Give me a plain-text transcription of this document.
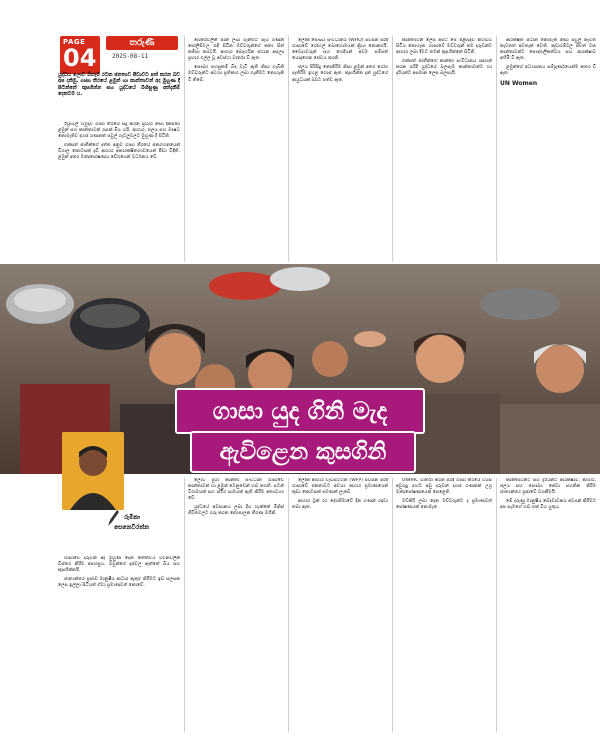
PAGE
04
තරුණි
2025-08-11
යුද්ධය ලොව ඕනෑම රටක ජනතාව පීඩාවට පත් කරන බව අප දනිමු. ගාසා තීරයේ ළමුන් හා කාන්තාවන් අද මුහුණ දී සිටින්නේ කුසගින්න සහ යුද්ධයේ බිහිසුණු අත්දැකීම් දෙකටම ය.

ඊශ්‍රායල් හමුදාව ගාසා තීරයේ සිදු කරන ප්‍රහාර නිසා දිනපතා ළමුන් සහ කාන්තාවන් රැසක් මිය යයි. ආහාර, ජලය සහ ඖෂධ නොමැතිව දහස් ගණනක් පවුල් ගැටලුවලට මුහුණ දී සිටිති.

එක්සත් ජාතීන්ගේ දත්ත අනුව ගාසා තීරයේ ජනගහනයෙන් විශාල කොටසක් දැඩි ආහාර අනාරක්ෂිතභාවයෙන් පීඩා විඳිති. ළමුන් අතර මන්දපෝෂණය වේගයෙන් වර්ධනය වේ.

බේකරිවලින් පාන් ලබා ගැනීමට පැය ගණන් පෝලිම්වල රැඳී සිටින මව්වරුන්ගේ කතා සිත් කම්පා කරවයි. ආහාර බෙදාහරින ස්ථාන අසලද ප්‍රහාර එල්ල වූ අවස්ථා වාර්තා වී ඇත.

සෞඛ්‍ය පහසුකම් බිඳ වැටී ඇති නිසා ගැබිනි මව්වරුන්ට අවශ්‍ය ප්‍රතිකාර ලබා ගැනීමට නොහැකි වී තිබේ.

ලෝක සෞඛ්‍ය සංවිධානය (WHO) පවසන පරිදි ගාසාවේ රෝහල් බොහොමයක් ක්‍රියා නොකරයි. වෛද්‍යවරුන් සහ හෙදියන් අවම සම්පත් යොදාගෙන සේවය කරති.

ජලය පිරිසිදු නොකිරීම නිසා ළමුන් අතර රෝග පැතිරීම ඉහළ ගොස් ඇත. කුසගින්න දැන් යුද්ධයේ ආයුධයක් බවට පත්ව ඇත.

කාන්තාවන් ලෙස අපට මේ පිළිබඳව නිහඬව සිටිය නොහැක. ගාසාවේ මව්වරුන් තම දරුවන්ට ආහාර ලබා දීමට තමන් කුසගින්නේ සිටිති.

එක්සත් ජාතීන්ගේ කාන්තා සංවිධානය සඳහන් කරන පරිදි යුද්ධයේ බලපෑම කාන්තාවන්ට හා දැරියන්ට අසමාන ලෙස බලපායි.

ආරක්ෂිත ස්ථාන නොමැති නිසා පවුල් නැවත නැවතත් අවතැන් වෙති. කූඩාරම්වල ජීවත් වන කාන්තාවන්ට පෞද්ගලිකත්වය සහ ආරක්ෂාව අහිමි වී ඇත.

ළමුන්ගේ අධ්‍යාපනය සම්පූර්ණයෙන්ම නතර වී ඇත.

UN Women

ගාසා යුද ගිනි මැද
ඇවිළෙන කුසගිනි
රුමිකා
සෙනෙවිරත්න

ගාසාවේ දරුවන් අද මුහුණ දෙන තත්ත්වය වචනවලින් විස්තර කිරීම අපහසුය. ඔවුන්ගේ දෑස්වල ඇත්තේ බිය සහ කුසගින්නයි.

ජාත්‍යන්තර ප්‍රජාව මානුෂීය ආධාර ඇතුළු කිරීමට ඉඩ සලසන ලෙස ඉල්ලා සිටියත් ඒවා ප්‍රමාණවත් නොවේ.

ලොව පුරා කාන්තා සංවිධාන ගාසාවේ කාන්තාවන් හා ළමුන් වෙනුවෙන් හඬ නගති. සටන් විරාමයක් සහ ස්ථිර සාමයක් ඇති කිරීම අත්‍යවශ්‍ය වේ.

යුද්ධයේ අවසානය ලබා දිය හැක්කේ මිනිස් ජීවිතවලට ගරු කරන දේශපාලන තීරණ මගිනි.

ලෝක ආහාර වැඩසටහන (WFP) පවසන පරිදි ගාසාවේ ජනතාවට අවශ්‍ය ආහාර ප්‍රමාණයෙන් කුඩා කොටසක් පමණක් ලැබේ.

ආහාර ට්‍රක් රථ දේශසීමාවේ දින ගණන් රඳවා තබා ඇත.

UNHRC වාර්තා කරන පරිදි ගාසා තීරයේ වයස අවුරුදු පහට අඩු දරුවන් දහස් ගණනක් උග්‍ර මන්දපෝෂණයෙන් පෙළෙති.

මව්කිරි ලබා දෙන මව්වරුන්ට ද ප්‍රමාණවත් පෝෂණයක් නොමැත.

කාන්තාවන්ට සහ දැරියන්ට ආරක්ෂාව, ආහාර, ජලය සහ සෞඛ්‍ය සේවා සහතික කිරීම ජාත්‍යන්තර ප්‍රජාවේ වගකීමයි.

මේ දරුණු මානුෂීය ඛේදවාචකය අවසන් කිරීමට අප සැමගේ හඬ එක් විය යුතුය.
